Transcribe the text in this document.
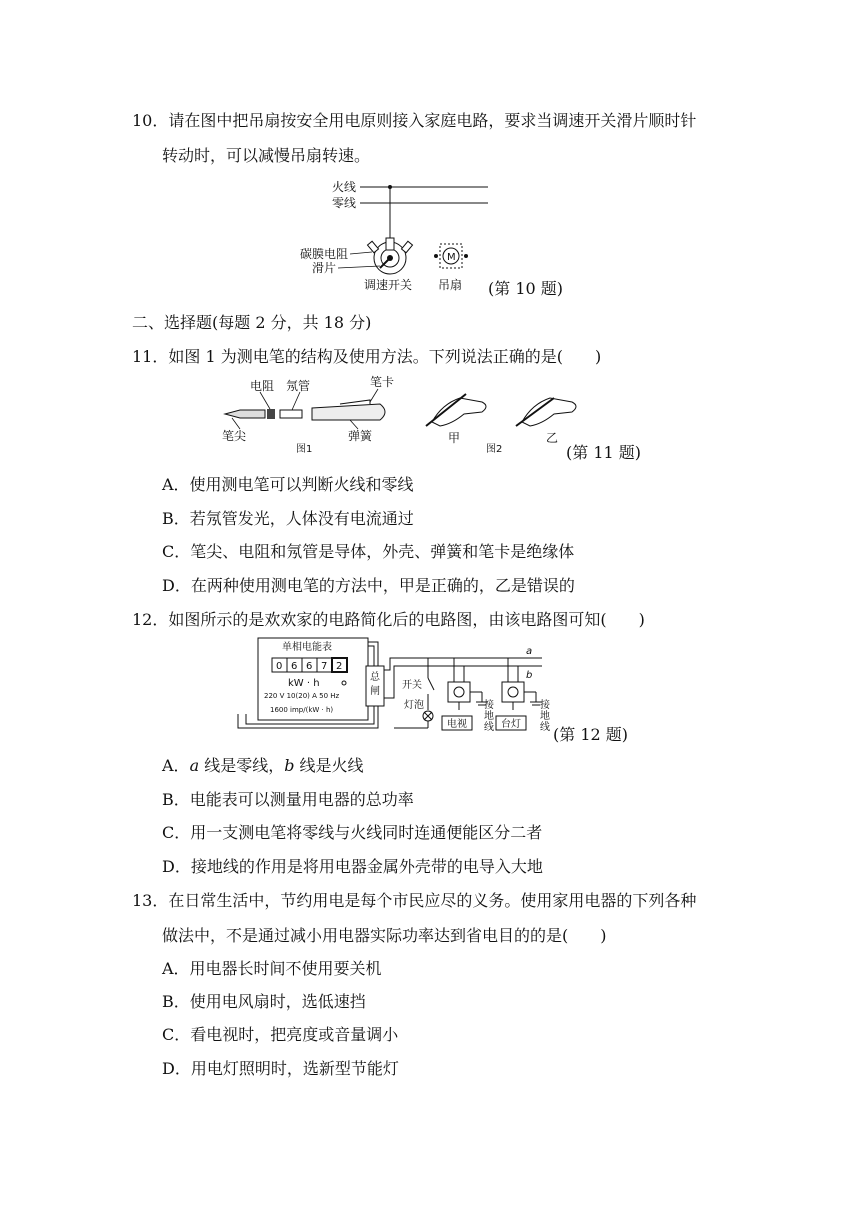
10．请在图中把吊扇按安全用电原则接入家庭电路，要求当调速开关滑片顺时针
转动时，可以减慢吊扇转速。
火线
零线
碳膜电阻
滑片
调速开关
M
吊扇 (第 10 题)
二、选择题(每题 2 分，共 18 分)
11．如图 1 为测电笔的结构及使用方法。下列说法正确的是(　　)
电阻 氖管	笔卡
笔尖	弹簧
图1
甲
图2
乙
(第 11 题)
A．使用测电笔可以判断火线和零线
B．若氖管发光，人体没有电流通过
C．笔尖、电阻和氖管是导体，外壳、弹簧和笔卡是绝缘体
D．在两种使用测电笔的方法中，甲是正确的，乙是错误的
12．如图所示的是欢欢家的电路简化后的电路图，由该电路图可知(　　)
单相电能表
0 6 6 7 2
kW · h
220 V 10(20) A 50 Hz
1600 imp/(kW · h)
总
闸
a
b
开关
灯泡
电视
接
地
线 台灯
接
地
线 (第 12 题)
A．a 线是零线，b 线是火线
B．电能表可以测量用电器的总功率
C．用一支测电笔将零线与火线同时连通便能区分二者
D．接地线的作用是将用电器金属外壳带的电导入大地
13．在日常生活中，节约用电是每个市民应尽的义务。使用家用电器的下列各种
做法中，不是通过减小用电器实际功率达到省电目的的是(　　)
A．用电器长时间不使用要关机
B．使用电风扇时，选低速挡
C．看电视时，把亮度或音量调小
D．用电灯照明时，选新型节能灯
